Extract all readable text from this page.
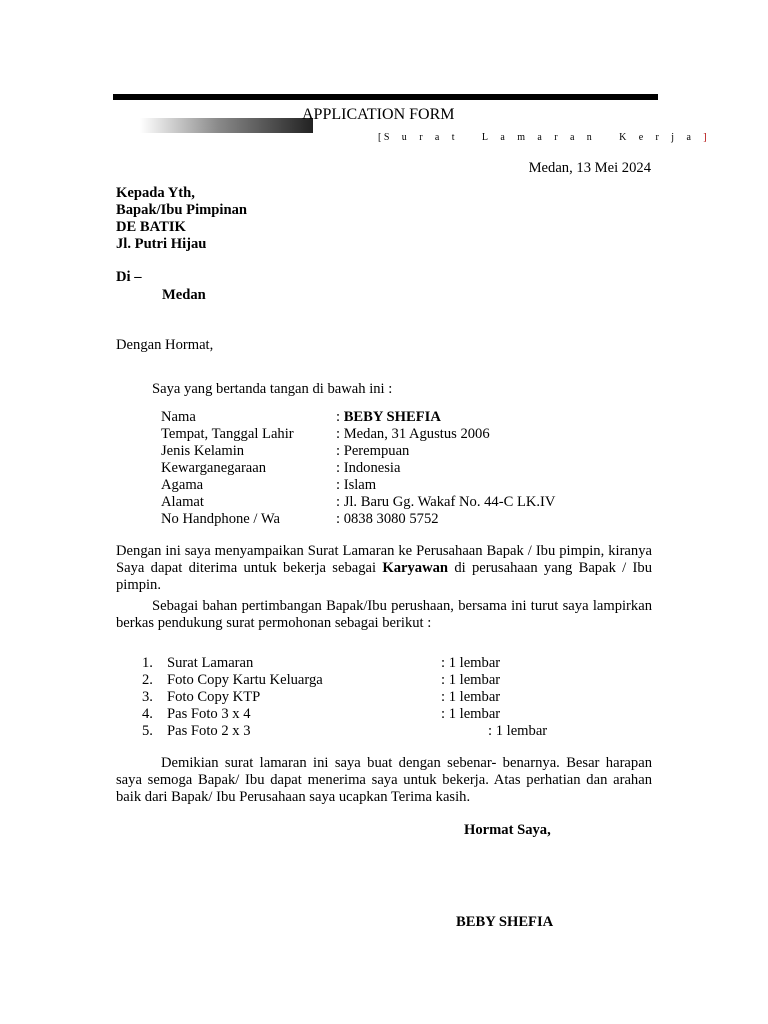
APPLICATION FORM
[ Surat Lamaran Kerja]
Medan, 13 Mei 2024
Kepada Yth,
Bapak/Ibu Pimpinan
DE BATIK
Jl. Putri Hijau
Di –
Medan
Dengan Hormat,
Saya yang bertanda tangan di bawah ini :
Nama	: BEBY SHEFIA
Tempat, Tanggal Lahir	: Medan, 31 Agustus 2006
Jenis Kelamin	: Perempuan
Kewarganegaraan	: Indonesia
Agama	: Islam
Alamat	: Jl. Baru Gg. Wakaf No. 44-C LK.IV
No Handphone / Wa	: 0838 3080 5752

Dengan ini saya menyampaikan Surat Lamaran ke Perusahaan Bapak / Ibu pimpin, kiranya Saya dapat diterima untuk bekerja sebagai Karyawan di perusahaan yang Bapak / Ibu pimpin.

Sebagai bahan pertimbangan Bapak/Ibu perushaan, bersama ini turut saya lampirkan berkas pendukung surat permohonan sebagai berikut :

1. Surat Lamaran	: 1 lembar
2. Foto Copy Kartu Keluarga	: 1 lembar
3. Foto Copy KTP	: 1 lembar
4. Pas Foto 3 x 4	: 1 lembar
5. Pas Foto 2 x 3	: 1 lembar

Demikian surat lamaran ini saya buat dengan sebenar- benarnya. Besar harapan saya semoga Bapak/ Ibu dapat menerima saya untuk bekerja. Atas perhatian dan arahan baik dari Bapak/ Ibu Perusahaan saya ucapkan Terima kasih.

Hormat Saya,
BEBY SHEFIA
